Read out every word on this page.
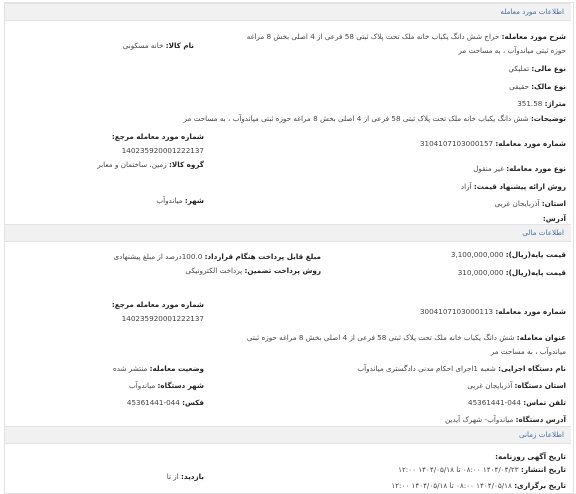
اطلاعات مورد معامله
شرح مورد معامله: حراج شش دانگ یکباب خانه ملک تحت پلاک ثبتی 58 فرعی از 4 اصلی بخش 8 مراغه
حوزه ثبتی میاندوآب ، به مساحت مر
نام کالا: خانه مسکونی
نوع مالی: تمليكي
نوع مالک: حقیقی
متراژ: 351.58
توضیحات: شش دانگ یکباب خانه ملک تحت پلاک ثبتی 58 فرعی از 4 اصلی بخش 8 مراغه حوزه ثبتی میاندوآب ، به مساحت مر
شماره مورد معامله مرجع:
140235920001222137
شماره مورد معامله: 3104107103000157
گروه کالا: زمین، ساختمان و معابر	نوع مورد معامله: غیر منقول
روش ارائه پیشنهاد قیمت: آزاد
شهر: میاندوآب	استان: آذربایجان غربی
آدرس:
اطلاعات مالی
قیمت پایه(ریال): 3,100,000,000
مبلغ قابل پرداخت هنگام قرارداد: 100.0درصد از مبلغ پیشنهادی
روش پرداخت تضمین: پرداخت الکترونیکی	قیمت پایه(ریال): 310,000,000
شماره مورد معامله مرجع:
140235920001222137
شماره مورد معامله: 3004107103000113
عنوان معامله: شش دانگ یکباب خانه ملک تحت پلاک ثبتی 58 فرعی از 4 اصلی بخش 8 مراغه حوزه ثبتی
میاندوآب ، به مساحت مر
نام دستگاه اجرایی: شعبه 1اجرای احکام مدنی دادگستری میاندوآب
وضعیت معامله: منتشر شده
استان دستگاه: آذربایجان غربی
شهر دستگاه: میاندوآب
تلفن تماس: 044-45361441
فکس: 044-45361441
آدرس دستگاه: میاندوآب- شهرک آیدین
اطلاعات زمانی
تاریخ آگهی روزنامه:
تاریخ انتشار: ۱۴۰۴/۰۴/۲۳ ۰۸:۰۰ تا ۱۴۰۴/۰۵/۱۸ ۱۲:۰۰
تاریخ برگزاری: ۱۴۰۴/۰۵/۱۸ ۰۸:۰۰ تا ۱۴۰۴/۰۵/۱۸ ۱۲:۰۰
بازدید: از تا
